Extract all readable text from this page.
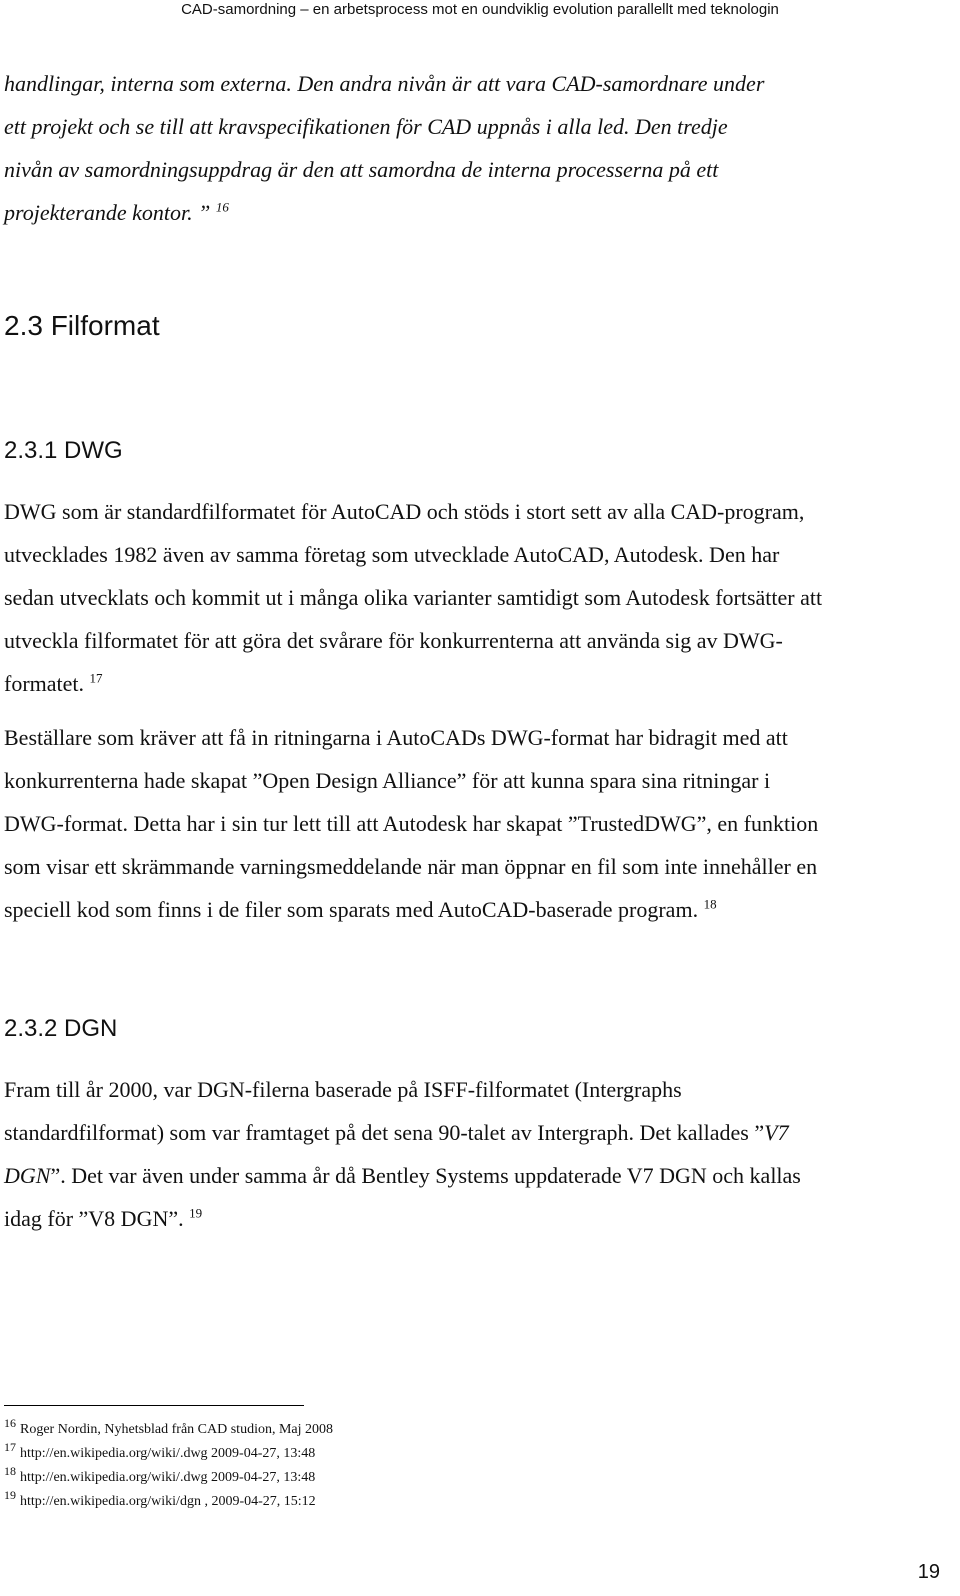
CAD-samordning – en arbetsprocess mot en oundviklig evolution parallellt med teknologin

handlingar, interna som externa. Den andra nivån är att vara CAD-samordnare under
ett projekt och se till att kravspecifikationen för CAD uppnås i alla led. Den tredje
nivån av samordningsuppdrag är den att samordna de interna processerna på ett
projekterande kontor. ” $^{16}$

2.3 Filformat
2.3.1 DWG

DWG som är standardfilformatet för AutoCAD och stöds i stort sett av alla CAD-program,
utvecklades 1982 även av samma företag som utvecklade AutoCAD, Autodesk. Den har
sedan utvecklats och kommit ut i många olika varianter samtidigt som Autodesk fortsätter att
utveckla filformatet för att göra det svårare för konkurrenterna att använda sig av DWG-
formatet. $^{17}$

Beställare som kräver att få in ritningarna i AutoCADs DWG-format har bidragit med att
konkurrenterna hade skapat ”Open Design Alliance” för att kunna spara sina ritningar i
DWG-format. Detta har i sin tur lett till att Autodesk har skapat ”TrustedDWG”, en funktion
som visar ett skrämmande varningsmeddelande när man öppnar en fil som inte innehåller en
speciell kod som finns i de filer som sparats med AutoCAD-baserade program. $^{18}$

2.3.2 DGN

Fram till år 2000, var DGN-filerna baserade på ISFF-filformatet (Intergraphs
standardfilformat) som var framtaget på det sena 90-talet av Intergraph. Det kallades ”V7
DGN”. Det var även under samma år då Bentley Systems uppdaterade V7 DGN och kallas
idag för ”V8 DGN”. $^{19}$

16 Roger Nordin, Nyhetsblad från CAD studion, Maj 2008
17 http://en.wikipedia.org/wiki/.dwg 2009-04-27, 13:48
18 http://en.wikipedia.org/wiki/.dwg 2009-04-27, 13:48
19 http://en.wikipedia.org/wiki/dgn , 2009-04-27, 15:12
19
